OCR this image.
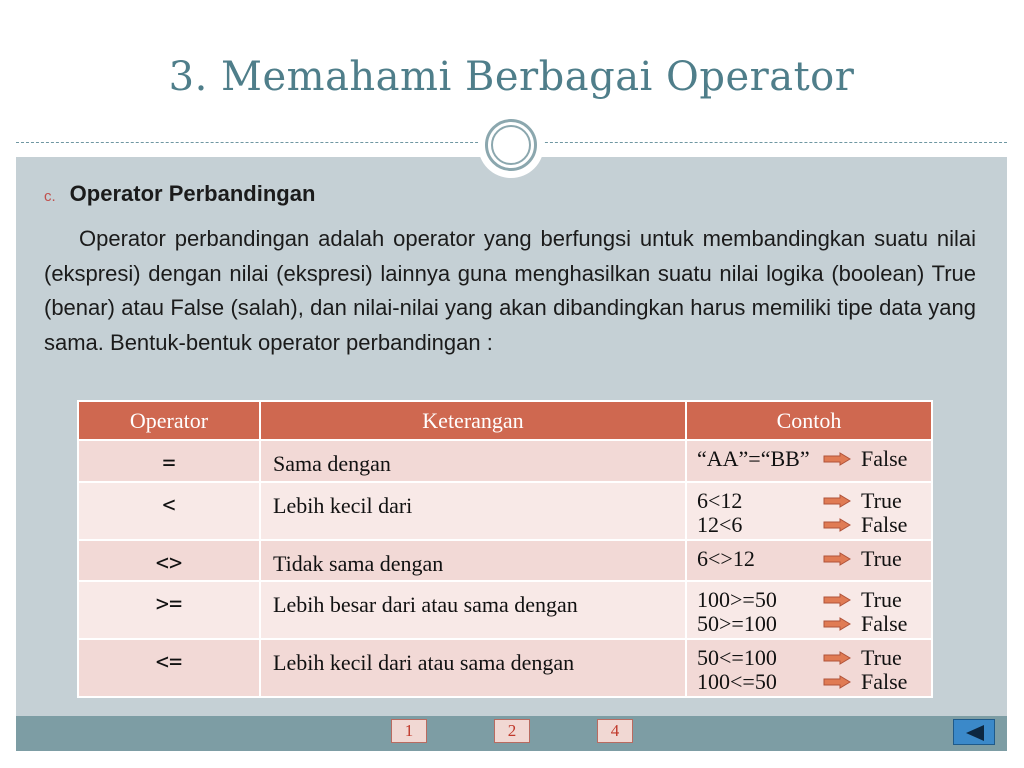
3. Memahami Berbagai Operator
c. Operator Perbandingan
Operator perbandingan adalah operator yang berfungsi untuk membandingkan suatu nilai (ekspresi) dengan nilai (ekspresi) lainnya guna menghasilkan suatu nilai logika (boolean) True (benar) atau False (salah), dan nilai-nilai yang akan dibandingkan harus memiliki tipe data yang sama. Bentuk-bentuk operator perbandingan :
Operator	Keterangan	Contoh
=	Sama dengan	“AA”=“BB” False

<	Lebih kecil dari	6<12 True
12<6 False

<>	Tidak sama dengan	6<>12 True

>=	Lebih besar dari atau sama dengan	100>=50 True
50>=100 False

<=	Lebih kecil dari atau sama dengan	50<=100 True
100<=50 False
1	2	4
